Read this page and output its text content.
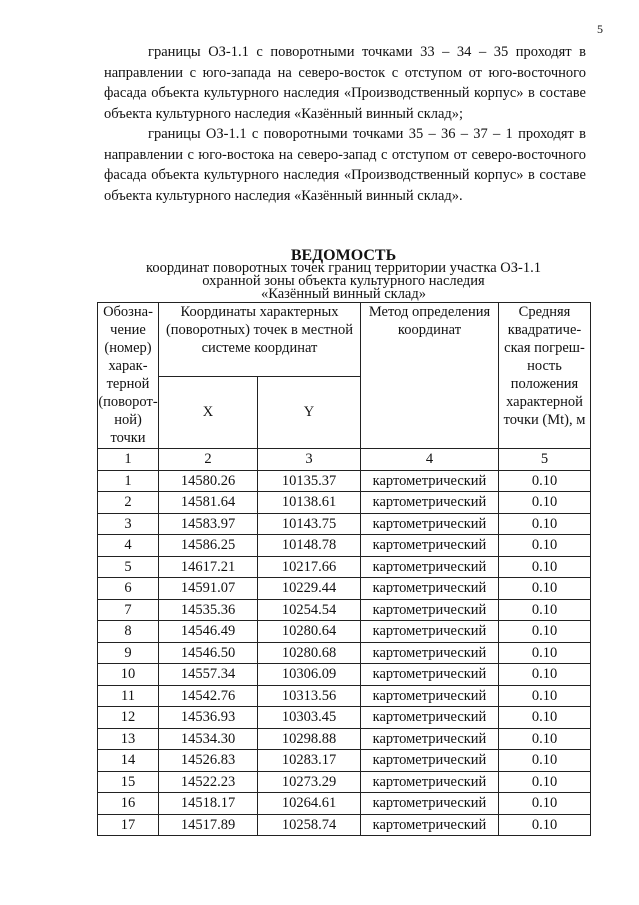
5
границы ОЗ-1.1 с поворотными точками 33 – 34 – 35 проходят в направлении с юго-запада на северо-восток с отступом от юго-восточного фасада объекта культурного наследия «Производственный корпус» в составе объекта культурного наследия «Казённый винный склад»;
границы ОЗ-1.1 с поворотными точками 35 – 36 – 37 – 1 проходят в направлении с юго-востока на северо-запад с отступом от северо-восточного фасада объекта культурного наследия «Производственный корпус» в составе объекта культурного наследия «Казённый винный склад».
ВЕДОМОСТЬ
координат поворотных точек границ территории участка ОЗ-1.1
охранной зоны объекта культурного наследия
«Казённый винный склад»
Обозна-чение (номер) харак-терной (поворот-ной) точки	Координаты характерных (поворотных) точек в местной системе координат		Метод определения координат	Средняя квадратиче-ская погреш-ность положения характерной точки (Mt), м
	X	Y		
1	2	3	4	5
1	14580.26	10135.37	картометрический	0.10
2	14581.64	10138.61	картометрический	0.10
3	14583.97	10143.75	картометрический	0.10
4	14586.25	10148.78	картометрический	0.10
5	14617.21	10217.66	картометрический	0.10
6	14591.07	10229.44	картометрический	0.10
7	14535.36	10254.54	картометрический	0.10
8	14546.49	10280.64	картометрический	0.10
9	14546.50	10280.68	картометрический	0.10
10	14557.34	10306.09	картометрический	0.10
11	14542.76	10313.56	картометрический	0.10
12	14536.93	10303.45	картометрический	0.10
13	14534.30	10298.88	картометрический	0.10
14	14526.83	10283.17	картометрический	0.10
15	14522.23	10273.29	картометрический	0.10
16	14518.17	10264.61	картометрический	0.10
17	14517.89	10258.74	картометрический	0.10
